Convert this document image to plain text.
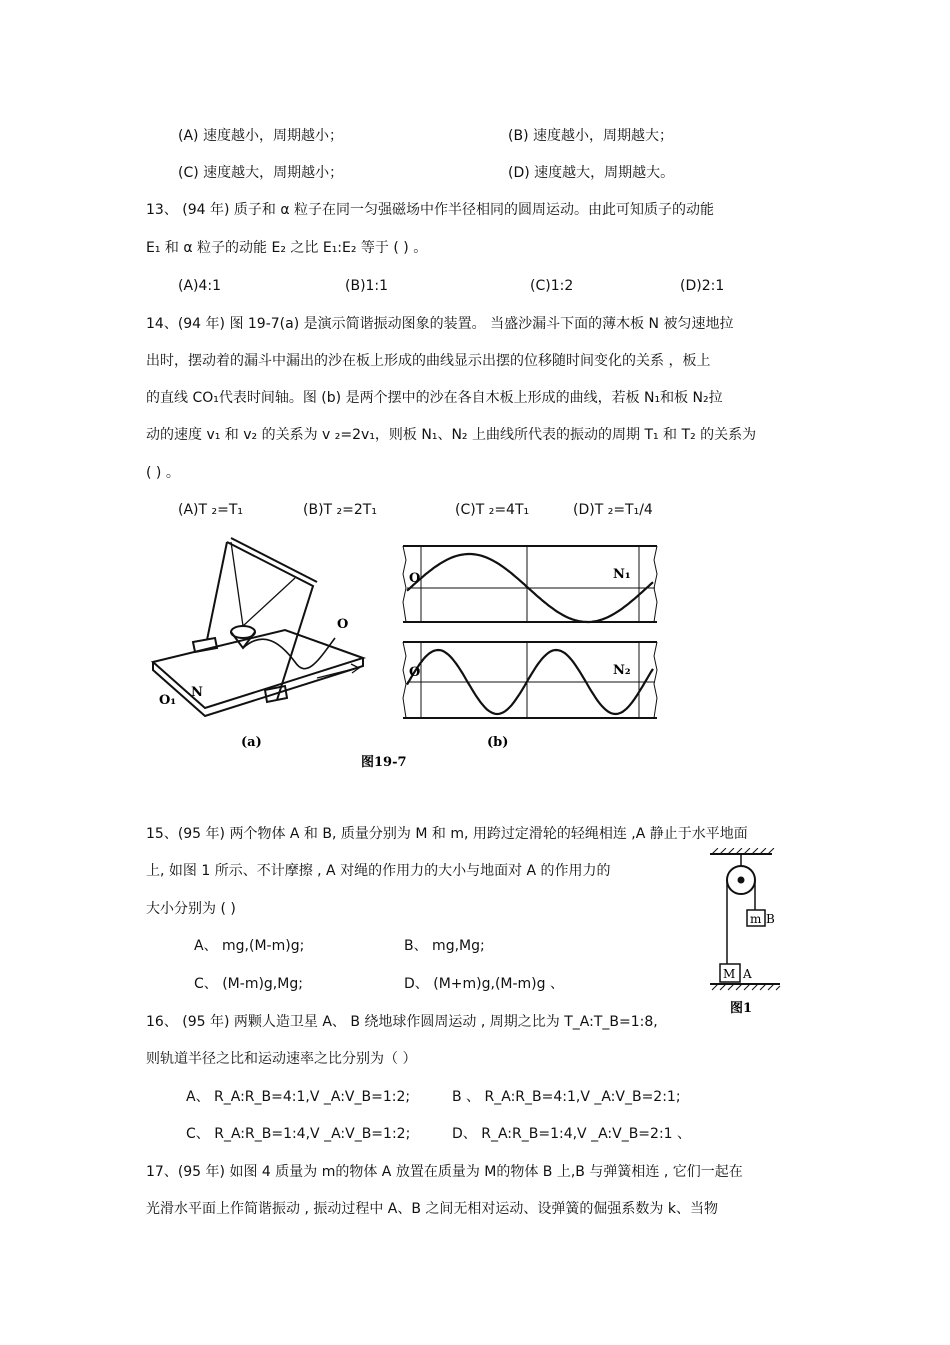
(A) 速度越小，周期越小；	(B) 速度越小，周期越大；
(C) 速度越大，周期越小；	(D) 速度越大，周期越大。
13、 (94 年) 质子和 α 粒子在同一匀强磁场中作半径相同的圆周运动。由此可知质子的动能
E₁ 和 α 粒子的动能 E₂ 之比 E₁:E₂ 等于 ( ) 。
(A)4:1	(B)1:1	(C)1:2	(D)2:1
14、(94 年) 图 19-7(a) 是演示简谐振动图象的装置。 当盛沙漏斗下面的薄木板 N 被匀速地拉
出时，摆动着的漏斗中漏出的沙在板上形成的曲线显示出摆的位移随时间变化的关系 ，板上
的直线 CO₁代表时间轴。图 (b) 是两个摆中的沙在各自木板上形成的曲线，若板 N₁和板 N₂拉
动的速度 v₁ 和 v₂ 的关系为 v ₂=2v₁，则板 N₁、N₂ 上曲线所代表的振动的周期 T₁ 和 T₂ 的关系为
( ) 。
(A)T ₂=T₁	(B)T ₂=2T₁	(C)T ₂=4T₁	(D)T ₂=T₁/4
O
O₁
N
(a)
O	N₁
O	N₂
(b)
图19-7
15、(95 年) 两个物体 A 和 B, 质量分别为 M 和 m, 用跨过定滑轮的轻绳相连 ,A 静止于水平地面
上, 如图 1 所示、不计摩擦 , A 对绳的作用力的大小与地面对 A 的作用力的
大小分别为 ( )
A、 mg,(M-m)g;	B、 mg,Mg;
C、 (M-m)g,Mg;	D、 (M+m)g,(M-m)g 、
m B
M A
图1
16、 (95 年) 两颗人造卫星 A、 B 绕地球作圆周运动 , 周期之比为 T_A:T_B=1:8,
则轨道半径之比和运动速率之比分别为（ ）
A、 R_A:R_B=4:1,V _A:V_B=1:2;	B 、 R_A:R_B=4:1,V _A:V_B=2:1;
C、 R_A:R_B=1:4,V _A:V_B=1:2;	D、 R_A:R_B=1:4,V _A:V_B=2:1 、
17、(95 年) 如图 4 质量为 m的物体 A 放置在质量为 M的物体 B 上,B 与弹簧相连 , 它们一起在
光滑水平面上作简谐振动 , 振动过程中 A、B 之间无相对运动、设弹簧的倔强系数为 k、当物
